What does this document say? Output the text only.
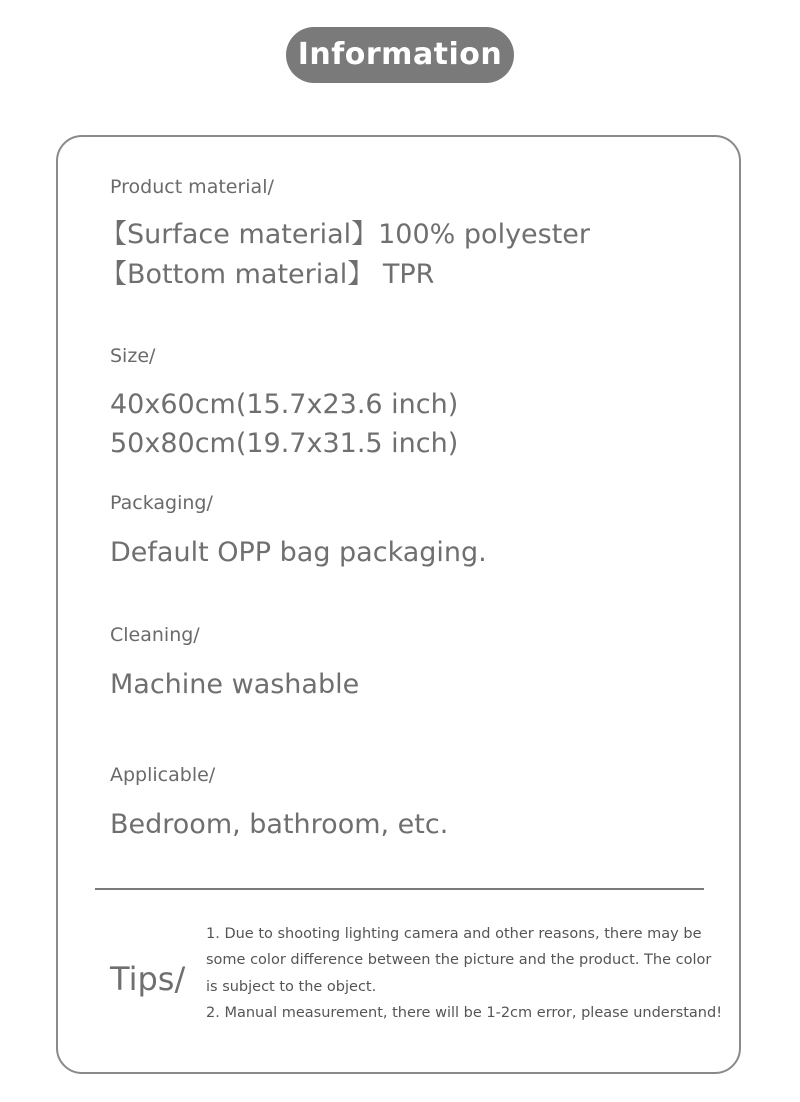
Information
Product material/
【Surface material】100% polyester
【Bottom material】 TPR
Size/
40x60cm(15.7x23.6 inch)
50x80cm(19.7x31.5 inch)
Packaging/
Default OPP bag packaging.
Cleaning/
Machine washable
Applicable/
Bedroom, bathroom, etc.
Tips/
1. Due to shooting lighting camera and other reasons, there may be
some color difference between the picture and the product. The color
is subject to the object.
2. Manual measurement, there will be 1-2cm error, please understand!
